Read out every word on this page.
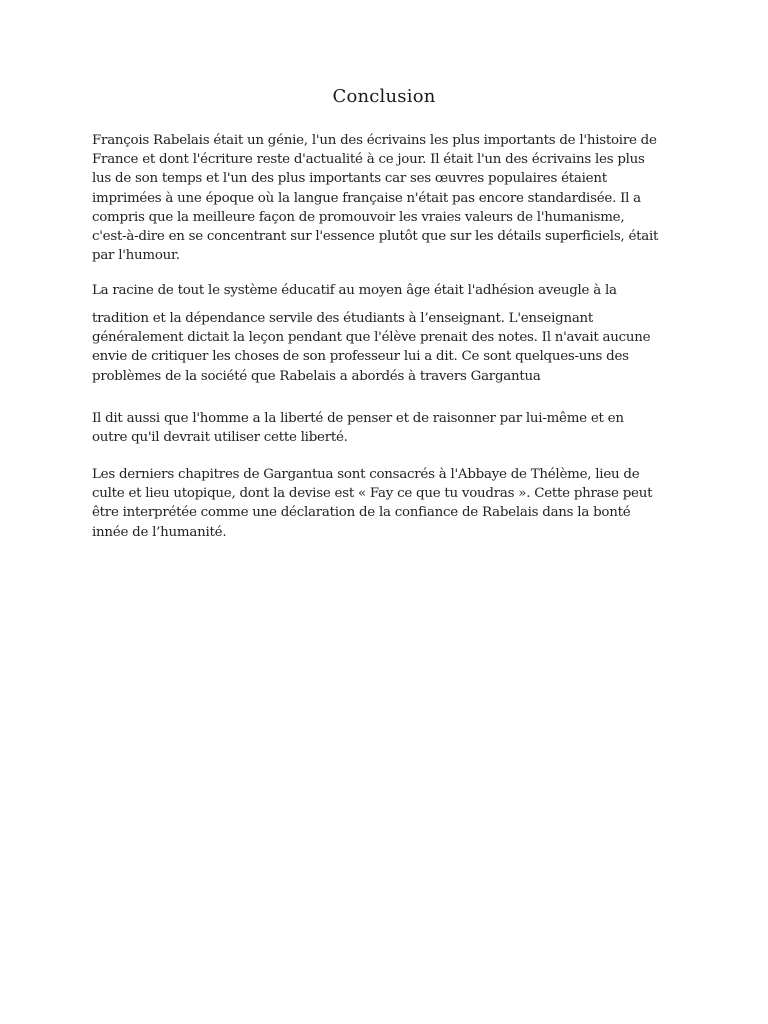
Conclusion

François Rabelais était un génie, l'un des écrivains les plus importants de l'histoire de
France et dont l'écriture reste d'actualité à ce jour. Il était l'un des écrivains les plus
lus de son temps et l'un des plus importants car ses œuvres populaires étaient
imprimées à une époque où la langue française n'était pas encore standardisée. Il a
compris que la meilleure façon de promouvoir les vraies valeurs de l'humanisme,
c'est-à-dire en se concentrant sur l'essence plutôt que sur les détails superficiels, était
par l'humour.

La racine de tout le système éducatif au moyen âge était l'adhésion aveugle à la

tradition et la dépendance servile des étudiants à l’enseignant. L'enseignant
généralement dictait la leçon pendant que l'élève prenait des notes. Il n'avait aucune
envie de critiquer les choses de son professeur lui a dit. Ce sont quelques-uns des
problèmes de la société que Rabelais a abordés à travers Gargantua

Il dit aussi que l'homme a la liberté de penser et de raisonner par lui-même et en
outre qu'il devrait utiliser cette liberté.

Les derniers chapitres de Gargantua sont consacrés à l'Abbaye de Thélème, lieu de
culte et lieu utopique, dont la devise est « Fay ce que tu voudras ». Cette phrase peut
être interprétée comme une déclaration de la confiance de Rabelais dans la bonté
innée de l’humanité.
